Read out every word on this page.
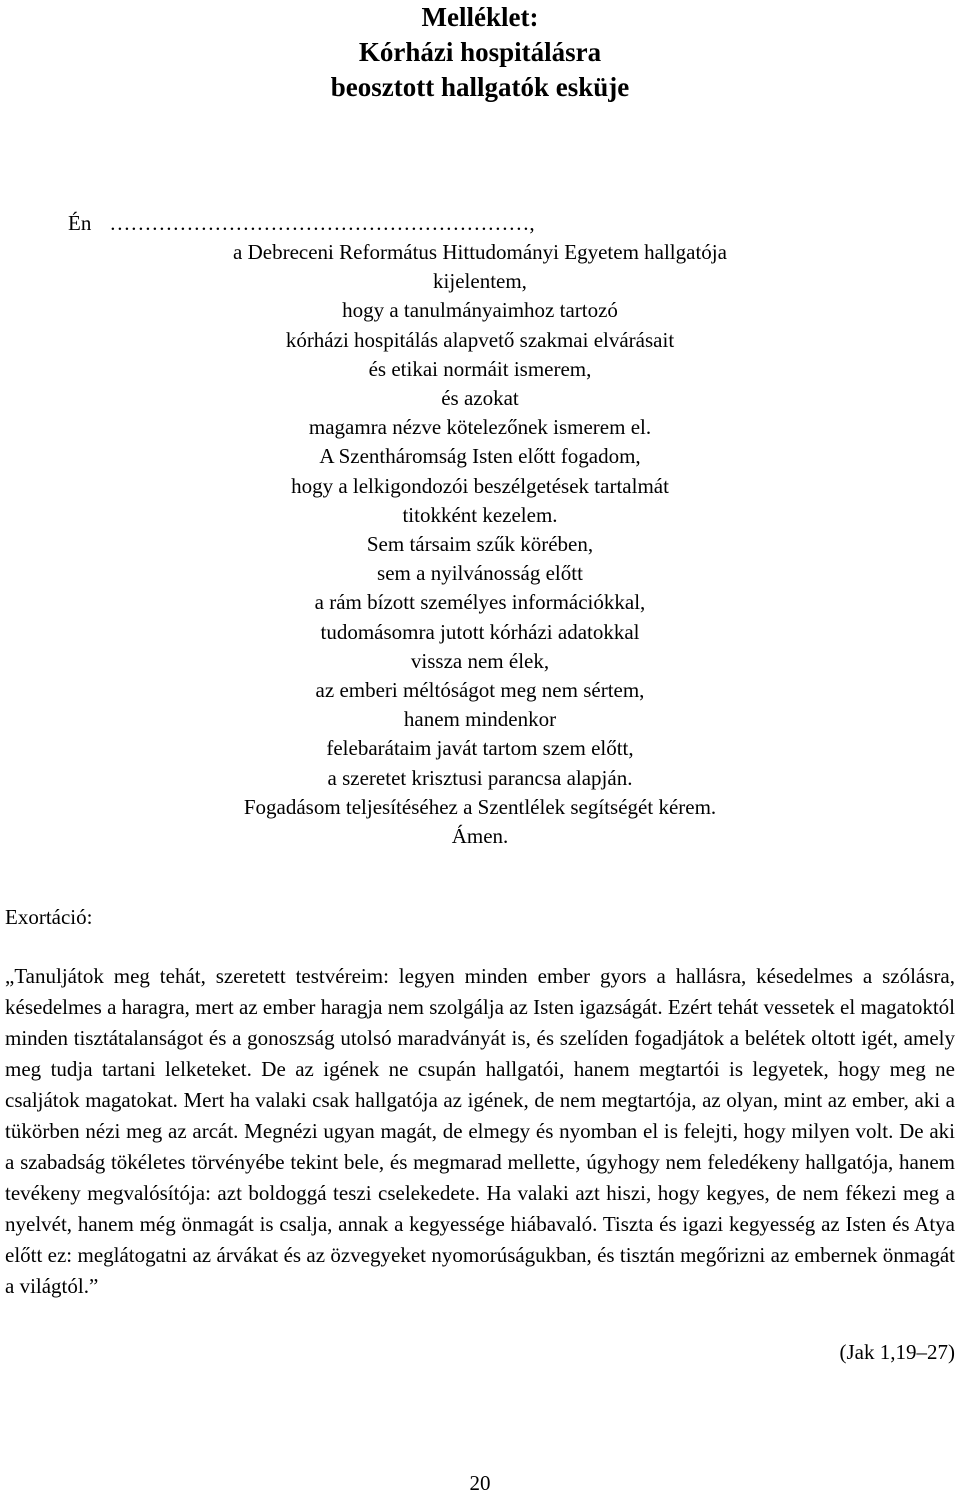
Melléklet:
Kórházi hospitálásra
beosztott hallgatók esküje
Én ……………………………………………………,
a Debreceni Református Hittudományi Egyetem hallgatója
kijelentem,
hogy a tanulmányaimhoz tartozó
kórházi hospitálás alapvető szakmai elvárásait
és etikai normáit ismerem,
és azokat
magamra nézve kötelezőnek ismerem el.
A Szentháromság Isten előtt fogadom,
hogy a lelkigondozói beszélgetések tartalmát
titokként kezelem.
Sem társaim szűk körében,
sem a nyilvánosság előtt
a rám bízott személyes információkkal,
tudomásomra jutott kórházi adatokkal
vissza nem élek,
az emberi méltóságot meg nem sértem,
hanem mindenkor
felebarátaim javát tartom szem előtt,
a szeretet krisztusi parancsa alapján.
Fogadásom teljesítéséhez a Szentlélek segítségét kérem.
Ámen.
Exortáció:
„Tanuljátok meg tehát, szeretett testvéreim: legyen minden ember gyors a hallásra, késedelmes a szólásra, késedelmes a haragra, mert az ember haragja nem szolgálja az Isten igazságát. Ezért tehát vessetek el magatoktól minden tisztátalanságot és a gonoszság utolsó maradványát is, és szelíden fogadjátok a belétek oltott igét, amely meg tudja tartani lelketeket. De az igének ne csupán hallgatói, hanem megtartói is legyetek, hogy meg ne csaljátok magatokat. Mert ha valaki csak hallgatója az igének, de nem megtartója, az olyan, mint az ember, aki a tükörben nézi meg az arcát. Megnézi ugyan magát, de elmegy és nyomban el is felejti, hogy milyen volt. De aki a szabadság tökéletes törvényébe tekint bele, és megmarad mellette, úgyhogy nem feledékeny hallgatója, hanem tevékeny megvalósítója: azt boldoggá teszi cselekedete. Ha valaki azt hiszi, hogy kegyes, de nem fékezi meg a nyelvét, hanem még önmagát is csalja, annak a kegyessége hiábavaló. Tiszta és igazi kegyesség az Isten és Atya előtt ez: meglátogatni az árvákat és az özvegyeket nyomorúságukban, és tisztán megőrizni az embernek önmagát a világtól.”
(Jak 1,19–27)
20
